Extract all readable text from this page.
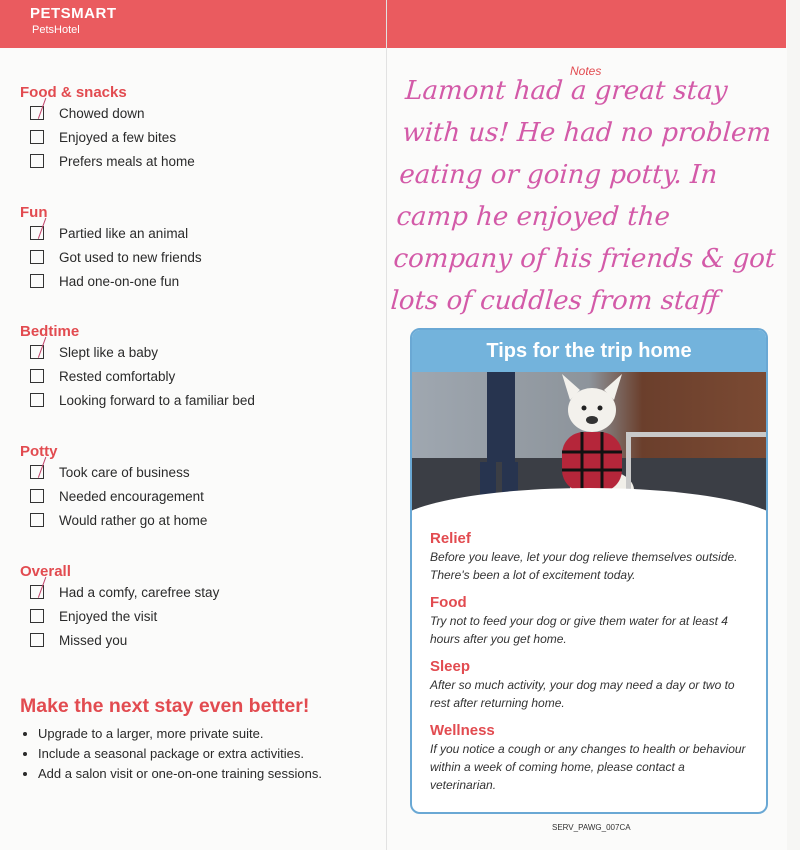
PETSMART
PetsHotel
Food & snacks
Chowed down
Enjoyed a few bites
Prefers meals at home
Fun
Partied like an animal
Got used to new friends
Had one-on-one fun
Bedtime
Slept like a baby
Rested comfortably
Looking forward to a familiar bed
Potty
Took care of business
Needed encouragement
Would rather go at home
Overall
Had a comfy, carefree stay
Enjoyed the visit
Missed you
Make the next stay even better!
• Upgrade to a larger, more private suite.
• Include a seasonal package or extra activities.
• Add a salon visit or one-on-one training sessions.
Notes
Lamont had a great stay with us! He had no problem eating or going potty. In camp he enjoyed the company of his friends & got lots of cuddles from staff
Tips for the trip home
Relief

Before you leave, let your dog relieve themselves outside. There's been a lot of excitement today.

Food

Try not to feed your dog or give them water for at least 4 hours after you get home.

Sleep

After so much activity, your dog may need a day or two to rest after returning home.

Wellness

If you notice a cough or any changes to health or behaviour within a week of coming home, please contact a veterinarian.

SERV_PAWG_007CA
